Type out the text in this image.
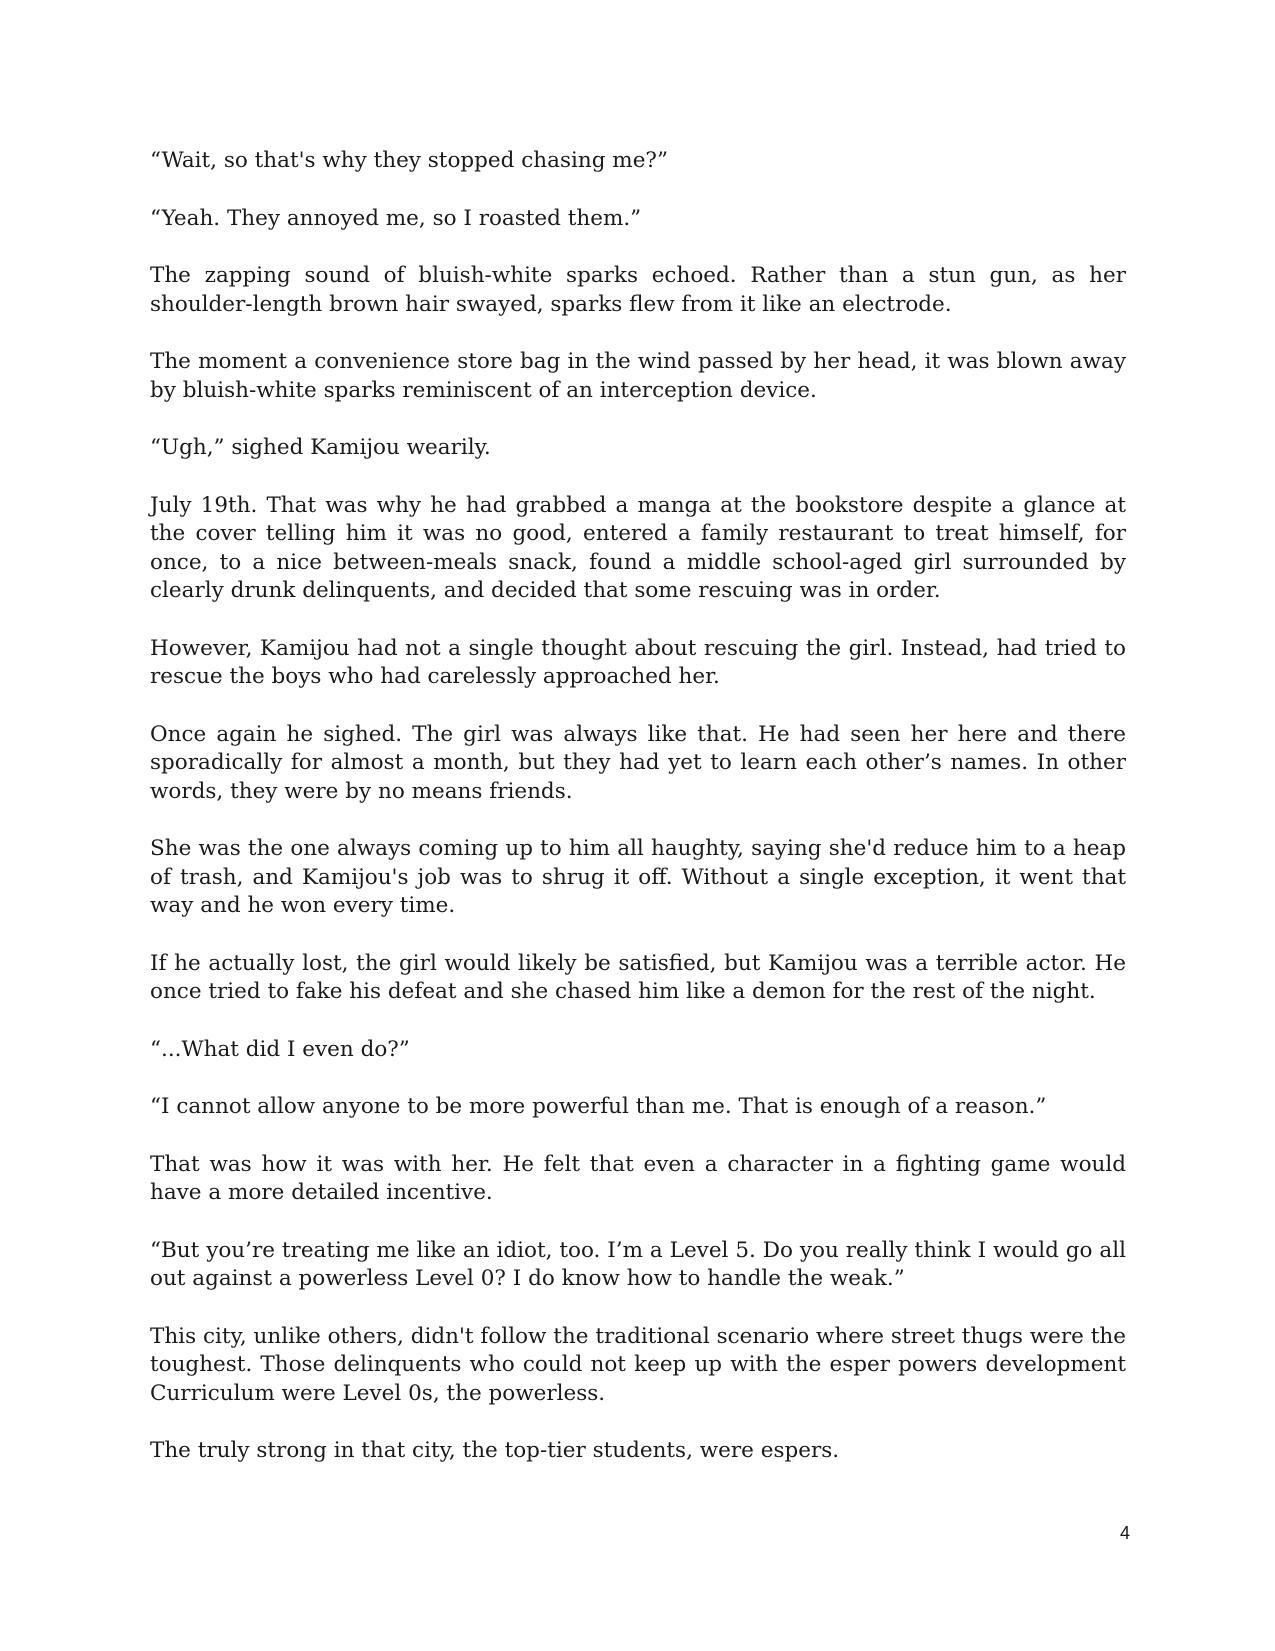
“Wait, so that's why they stopped chasing me?”

“Yeah. They annoyed me, so I roasted them.”

The zapping sound of bluish-white sparks echoed. Rather than a stun gun, as her shoulder-length brown hair swayed, sparks flew from it like an electrode.

The moment a convenience store bag in the wind passed by her head, it was blown away by bluish-white sparks reminiscent of an interception device.

“Ugh,” sighed Kamijou wearily.

July 19th. That was why he had grabbed a manga at the bookstore despite a glance at the cover telling him it was no good, entered a family restaurant to treat himself, for once, to a nice between-meals snack, found a middle school-aged girl surrounded by clearly drunk delinquents, and decided that some rescuing was in order.

However, Kamijou had not a single thought about rescuing the girl. Instead, had tried to rescue the boys who had carelessly approached her.

Once again he sighed. The girl was always like that. He had seen her here and there sporadically for almost a month, but they had yet to learn each other’s names. In other words, they were by no means friends.

She was the one always coming up to him all haughty, saying she'd reduce him to a heap of trash, and Kamijou's job was to shrug it off. Without a single exception, it went that way and he won every time.

If he actually lost, the girl would likely be satisfied, but Kamijou was a terrible actor. He once tried to fake his defeat and she chased him like a demon for the rest of the night.

“...What did I even do?”

“I cannot allow anyone to be more powerful than me. That is enough of a reason.”

That was how it was with her. He felt that even a character in a fighting game would have a more detailed incentive.

“But you’re treating me like an idiot, too. I’m a Level 5. Do you really think I would go all out against a powerless Level 0? I do know how to handle the weak.”

This city, unlike others, didn't follow the traditional scenario where street thugs were the toughest. Those delinquents who could not keep up with the esper powers development Curriculum were Level 0s, the powerless.

The truly strong in that city, the top-tier students, were espers.

4
